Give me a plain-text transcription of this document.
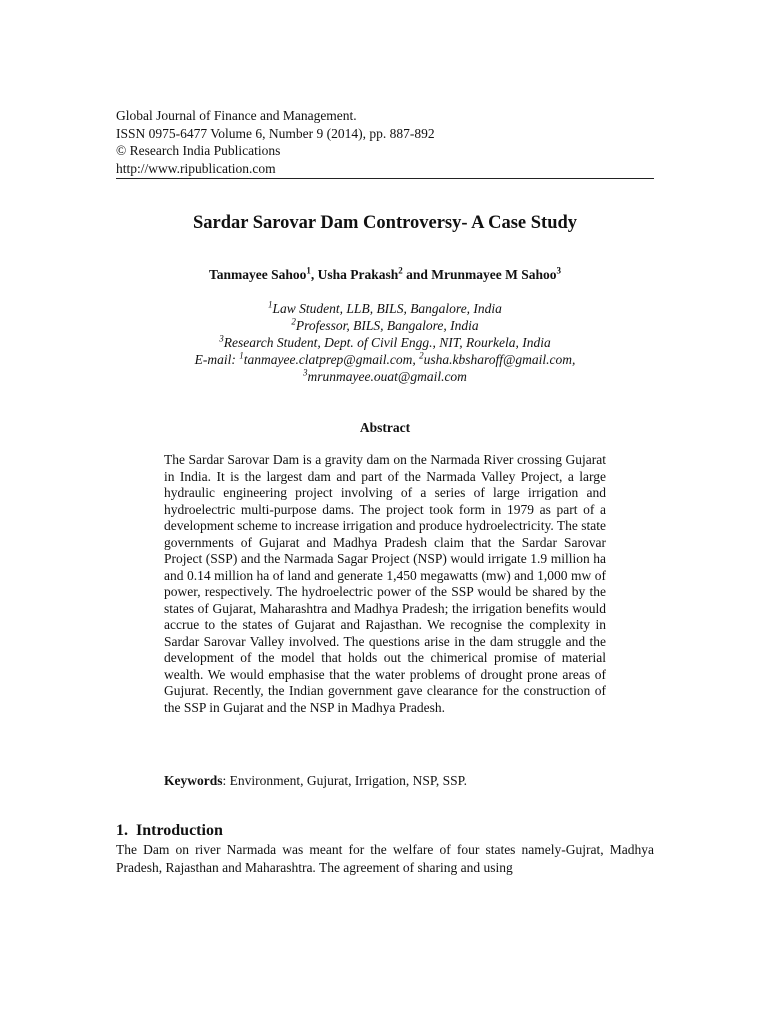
Global Journal of Finance and Management.
ISSN 0975-6477 Volume 6, Number 9 (2014), pp. 887-892
© Research India Publications
http://www.ripublication.com
Sardar Sarovar Dam Controversy- A Case Study
Tanmayee Sahoo$^1$, Usha Prakash$^2$ and Mrunmayee M Sahoo$^3$
$^1$Law Student, LLB, BILS, Bangalore, India
$^2$Professor, BILS, Bangalore, India
$^3$Research Student, Dept. of Civil Engg., NIT, Rourkela, India
E-mail: $^1$tanmayee.clatprep@gmail.com, $^2$usha.kbsharoff@gmail.com,
$^3$mrunmayee.ouat@gmail.com
Abstract

The Sardar Sarovar Dam is a gravity dam on the Narmada River crossing Gujarat in India. It is the largest dam and part of the Narmada Valley Project, a large hydraulic engineering project involving of a series of large irrigation and hydroelectric multi-purpose dams. The project took form in 1979 as part of a development scheme to increase irrigation and produce hydroelectricity. The state governments of Gujarat and Madhya Pradesh claim that the Sardar Sarovar Project (SSP) and the Narmada Sagar Project (NSP) would irrigate 1.9 million ha and 0.14 million ha of land and generate 1,450 megawatts (mw) and 1,000 mw of power, respectively. The hydroelectric power of the SSP would be shared by the states of Gujarat, Maharashtra and Madhya Pradesh; the irrigation benefits would accrue to the states of Gujarat and Rajasthan. We recognise the complexity in Sardar Sarovar Valley involved. The questions arise in the dam struggle and the development of the model that holds out the chimerical promise of material wealth. We would emphasise that the water problems of drought prone areas of Gujurat. Recently, the Indian government gave clearance for the construction of the SSP in Gujarat and the NSP in Madhya Pradesh.

Keywords: Environment, Gujurat, Irrigation, NSP, SSP.
1. Introduction

The Dam on river Narmada was meant for the welfare of four states namely-Gujrat, Madhya Pradesh, Rajasthan and Maharashtra. The agreement of sharing and using
